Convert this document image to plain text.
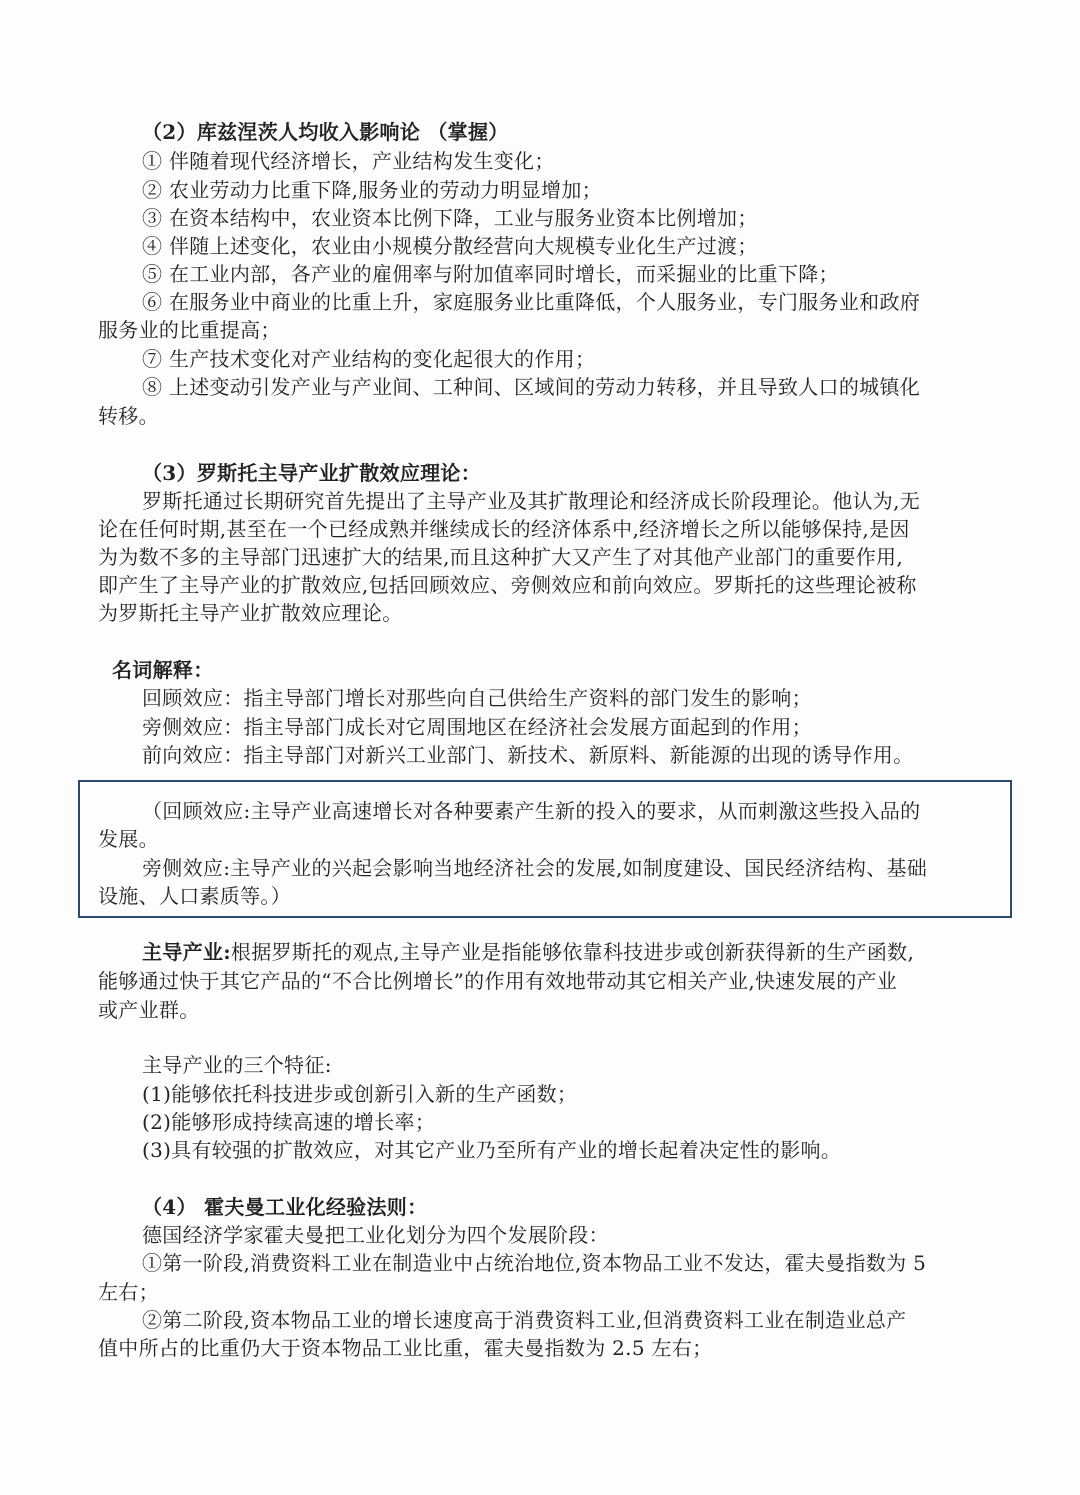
（2）库兹涅茨人均收入影响论 （掌握）
① 伴随着现代经济增长，产业结构发生变化；
② 农业劳动力比重下降,服务业的劳动力明显增加；
③ 在资本结构中，农业资本比例下降，工业与服务业资本比例增加；
④ 伴随上述变化，农业由小规模分散经营向大规模专业化生产过渡；
⑤ 在工业内部，各产业的雇佣率与附加值率同时增长，而采掘业的比重下降；
⑥ 在服务业中商业的比重上升，家庭服务业比重降低，个人服务业，专门服务业和政府
服务业的比重提高；
⑦ 生产技术变化对产业结构的变化起很大的作用；
⑧ 上述变动引发产业与产业间、工种间、区域间的劳动力转移，并且导致人口的城镇化
转移。
（3）罗斯托主导产业扩散效应理论：
罗斯托通过长期研究首先提出了主导产业及其扩散理论和经济成长阶段理论。他认为,无
论在任何时期,甚至在一个已经成熟并继续成长的经济体系中,经济增长之所以能够保持,是因
为为数不多的主导部门迅速扩大的结果,而且这种扩大又产生了对其他产业部门的重要作用,
即产生了主导产业的扩散效应,包括回顾效应、旁侧效应和前向效应。罗斯托的这些理论被称
为罗斯托主导产业扩散效应理论。
名词解释：
回顾效应：指主导部门增长对那些向自己供给生产资料的部门发生的影响；
旁侧效应：指主导部门成长对它周围地区在经济社会发展方面起到的作用；
前向效应：指主导部门对新兴工业部门、新技术、新原料、新能源的出现的诱导作用。
（回顾效应:主导产业高速增长对各种要素产生新的投入的要求，从而刺激这些投入品的
发展。
旁侧效应:主导产业的兴起会影响当地经济社会的发展,如制度建设、国民经济结构、基础
设施、人口素质等。）
主导产业:根据罗斯托的观点,主导产业是指能够依靠科技进步或创新获得新的生产函数,
能够通过快于其它产品的“不合比例增长”的作用有效地带动其它相关产业,快速发展的产业
或产业群。
主导产业的三个特征:
(1)能够依托科技进步或创新引入新的生产函数；
(2)能够形成持续高速的增长率；
(3)具有较强的扩散效应，对其它产业乃至所有产业的增长起着决定性的影响。
（4） 霍夫曼工业化经验法则：
德国经济学家霍夫曼把工业化划分为四个发展阶段：
①第一阶段,消费资料工业在制造业中占统治地位,资本物品工业不发达，霍夫曼指数为 5
左右；
②第二阶段,资本物品工业的增长速度高于消费资料工业,但消费资料工业在制造业总产
值中所占的比重仍大于资本物品工业比重，霍夫曼指数为 2.5 左右；
